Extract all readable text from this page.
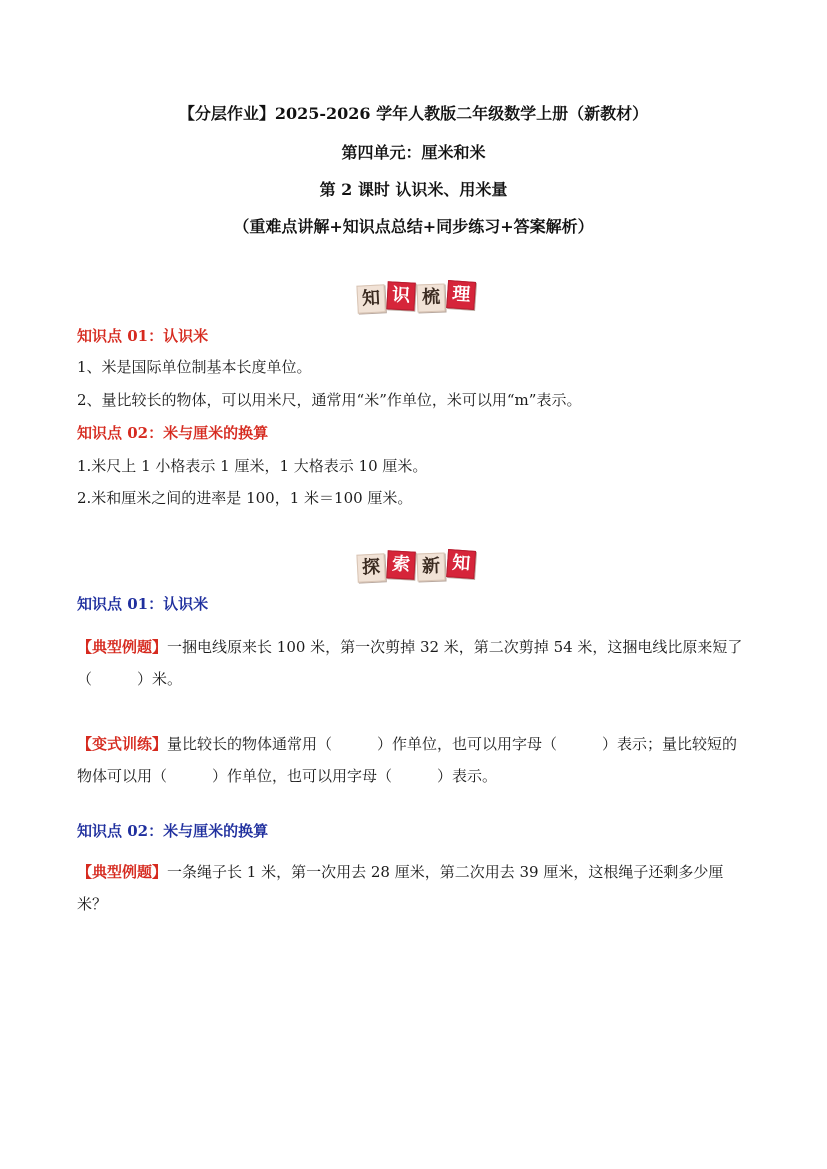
【分层作业】2025-2026 学年人教版二年级数学上册（新教材）
第四单元：厘米和米
第 2 课时 认识米、用米量
（重难点讲解+知识点总结+同步练习+答案解析）
知 识 梳 理
知识点 01：认识米
1、米是国际单位制基本长度单位。
2、量比较长的物体，可以用米尺，通常用“米”作单位，米可以用“m”表示。
知识点 02：米与厘米的换算
1.米尺上 1 小格表示 1 厘米，1 大格表示 10 厘米。
2.米和厘米之间的进率是 100，1 米＝100 厘米。
探 索 新 知
知识点 01：认识米
【典型例题】一捆电线原来长 100 米，第一次剪掉 32 米，第二次剪掉 54 米，这捆电线比原来短了（　　　）米。
【变式训练】量比较长的物体通常用（　　　）作单位，也可以用字母（　　　）表示；量比较短的物体可以用（　　　）作单位，也可以用字母（　　　）表示。
知识点 02：米与厘米的换算
【典型例题】一条绳子长 1 米，第一次用去 28 厘米，第二次用去 39 厘米，这根绳子还剩多少厘米？
